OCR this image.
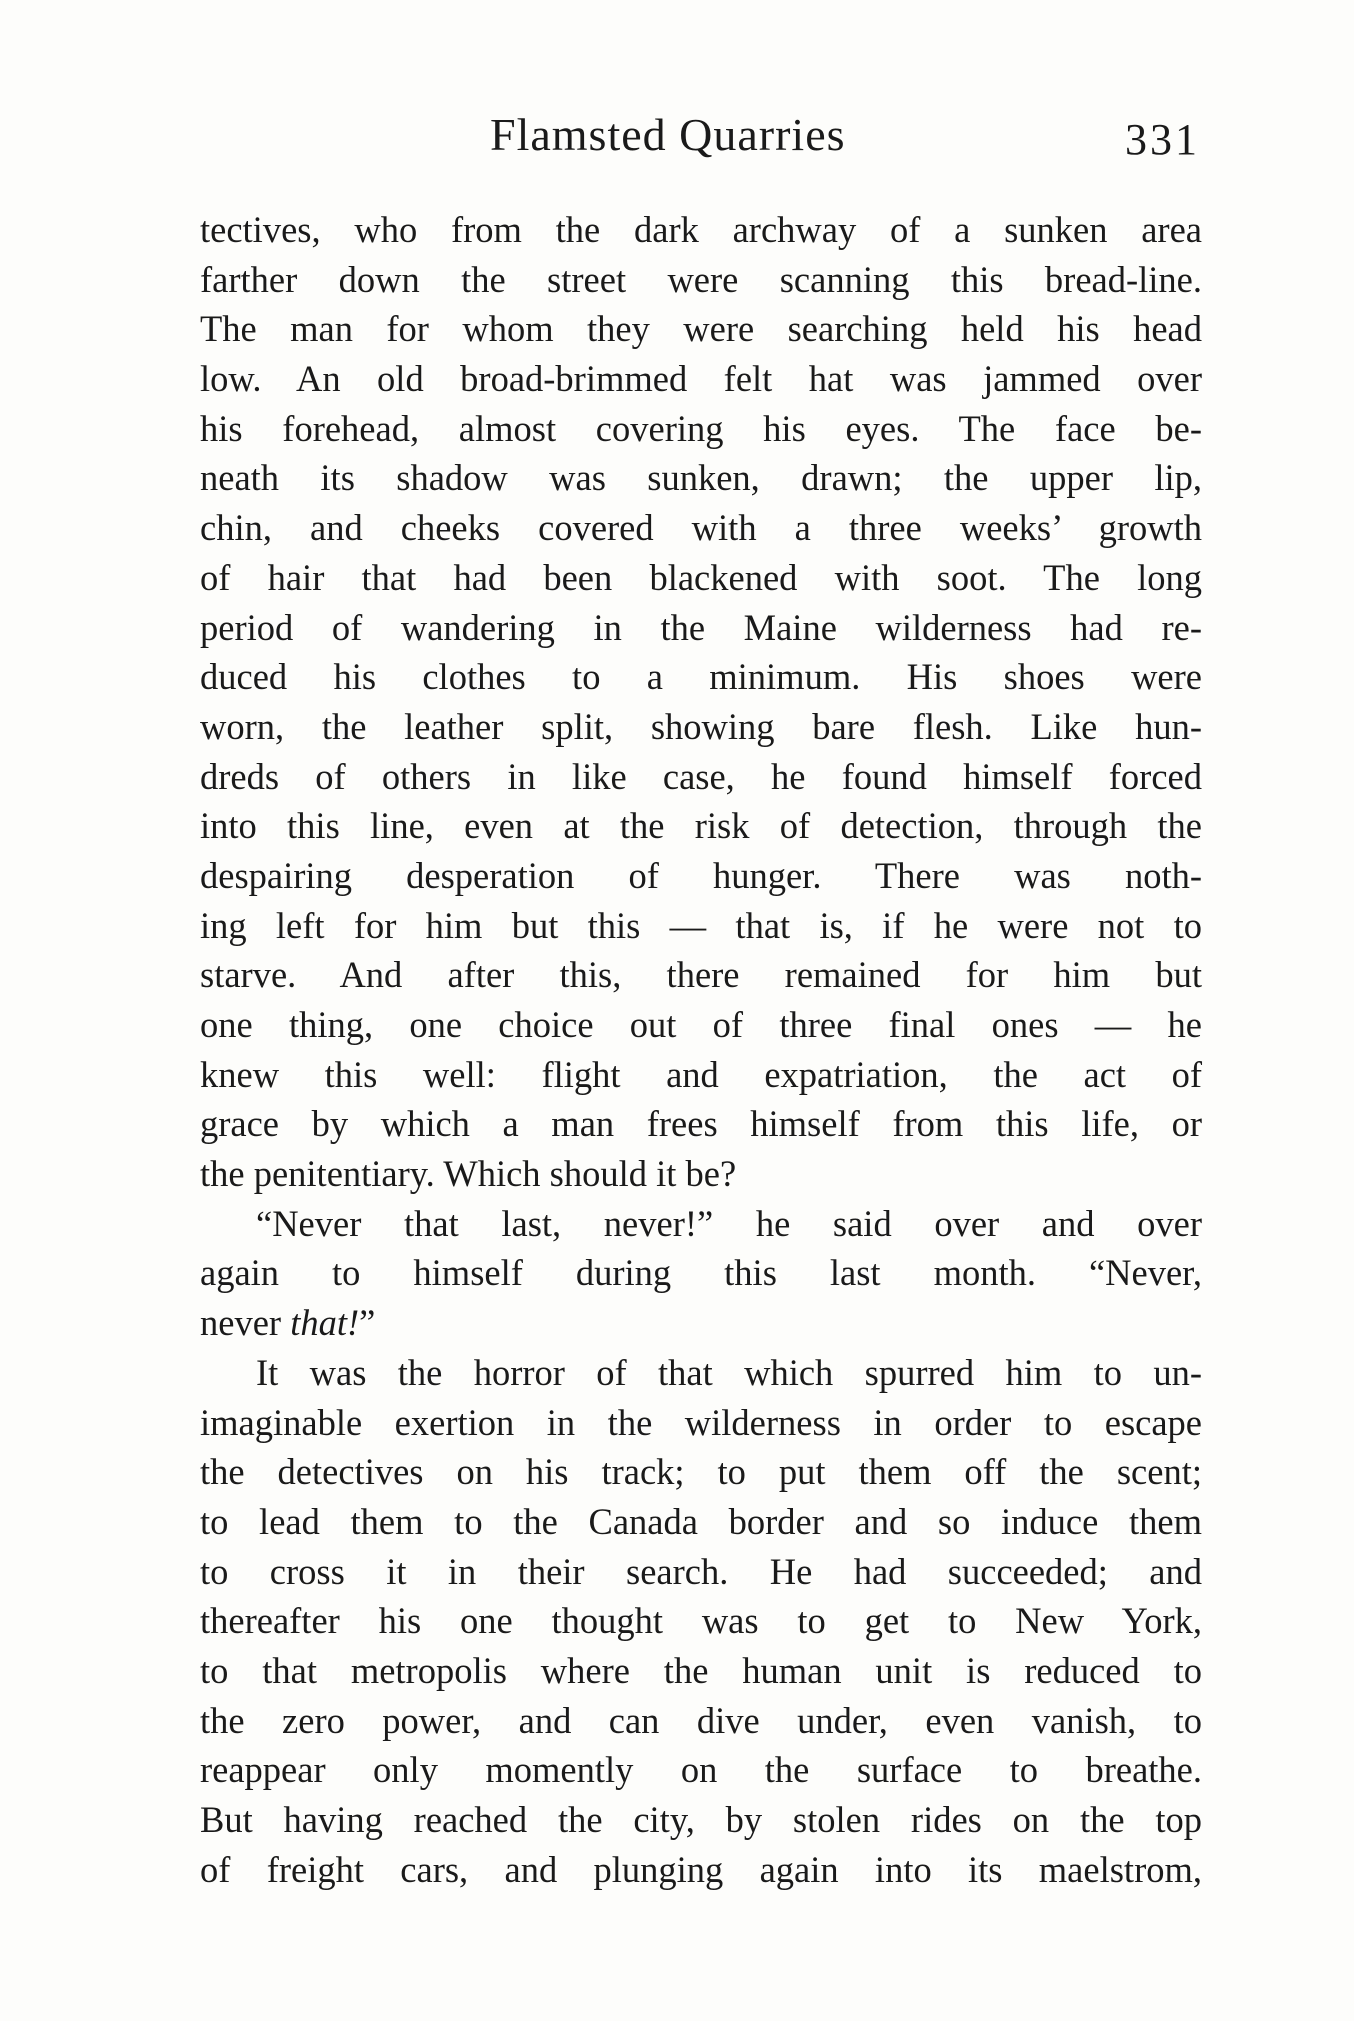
Flamsted Quarries	331
tectives, who from the dark archway of a sunken area
farther down the street were scanning this bread-line.
The man for whom they were searching held his head
low. An old broad-brimmed felt hat was jammed over
his forehead, almost covering his eyes. The face be-
neath its shadow was sunken, drawn; the upper lip,
chin, and cheeks covered with a three weeks’ growth
of hair that had been blackened with soot. The long
period of wandering in the Maine wilderness had re-
duced his clothes to a minimum. His shoes were
worn, the leather split, showing bare flesh. Like hun-
dreds of others in like case, he found himself forced
into this line, even at the risk of detection, through the
despairing desperation of hunger. There was noth-
ing left for him but this — that is, if he were not to
starve. And after this, there remained for him but
one thing, one choice out of three final ones — he
knew this well: flight and expatriation, the act of
grace by which a man frees himself from this life, or
the penitentiary. Which should it be?
“Never that last, never!” he said over and over
again to himself during this last month. “Never,
never that!”
It was the horror of that which spurred him to un-
imaginable exertion in the wilderness in order to escape
the detectives on his track; to put them off the scent;
to lead them to the Canada border and so induce them
to cross it in their search. He had succeeded; and
thereafter his one thought was to get to New York,
to that metropolis where the human unit is reduced to
the zero power, and can dive under, even vanish, to
reappear only momently on the surface to breathe.
But having reached the city, by stolen rides on the top
of freight cars, and plunging again into its maelstrom,
